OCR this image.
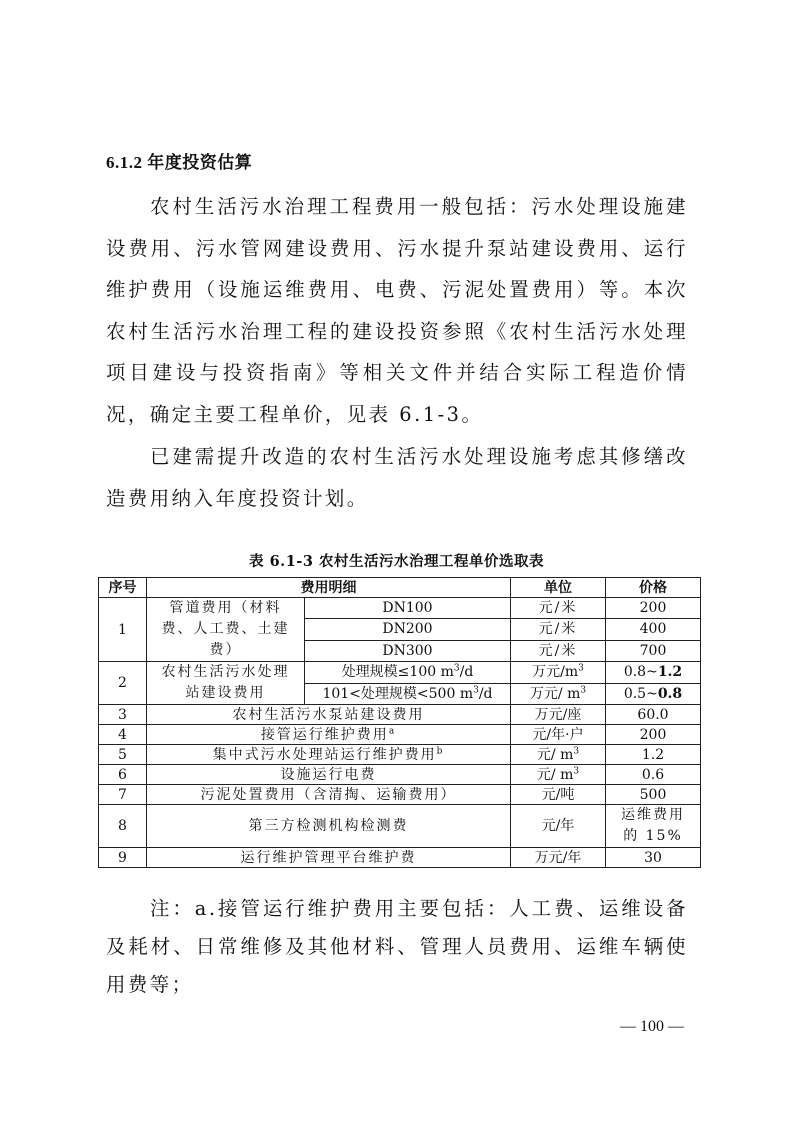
6.1.2 年度投资估算

农村生活污水治理工程费用一般包括：污水处理设施建设费用、污水管网建设费用、污水提升泵站建设费用、运行维护费用（设施运维费用、电费、污泥处置费用）等。本次农村生活污水治理工程的建设投资参照《农村生活污水处理项目建设与投资指南》等相关文件并结合实际工程造价情况，确定主要工程单价，见表 6.1-3。

已建需提升改造的农村生活污水处理设施考虑其修缮改造费用纳入年度投资计划。

表 6.1-3 农村生活污水治理工程单价选取表
序号	费用明细		单位	价格
1	管道费用（材料费、人工费、土建费）	DN100	元/米	200
		DN200	元/米	400
		DN300	元/米	700
2	农村生活污水处理站建设费用	处理规模≤100 $m^3/d$	万元$/m^3$	0.8~1.2
		101<处理规模<500 $m^3/d$	万元/ $m^3$	0.5~0.8
3	农村生活污水泵站建设费用		万元/座	60.0
4	接管运行维护费用$^a$		元/年·户	200
5	集中式污水处理站运行维护费用$^b$		元/ $m^3$	1.2
6	设施运行电费		元/ $m^3$	0.6
7	污泥处置费用（含清掏、运输费用）		元/吨	500
8	第三方检测机构检测费		元/年	运维费用
的 15%

9	运行维护管理平台维护费		万元/年	30

注：a.接管运行维护费用主要包括：人工费、运维设备及耗材、日常维修及其他材料、管理人员费用、运维车辆使用费等；

— 100 —
